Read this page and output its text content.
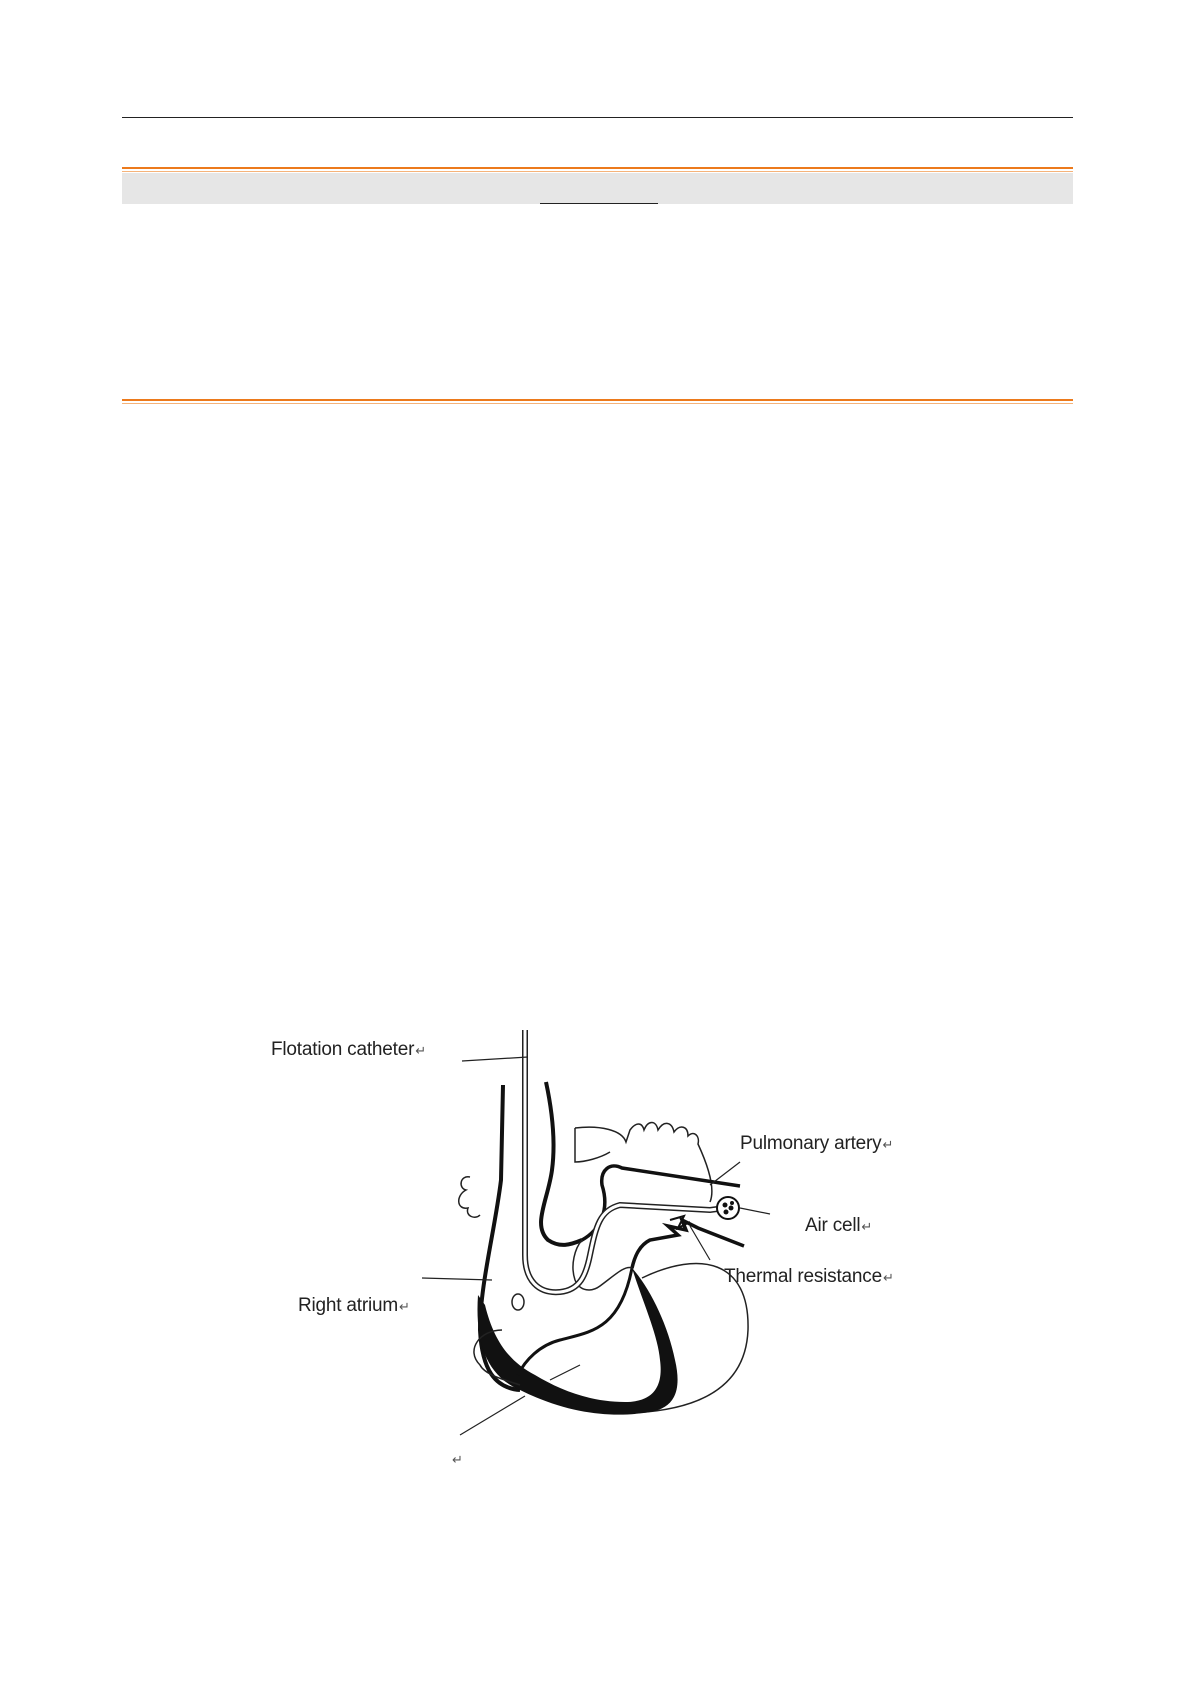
Flotation catheter↵
Pulmonary artery↵
Air cell↵
Thermal resistance↵
Right atrium↵
↵
